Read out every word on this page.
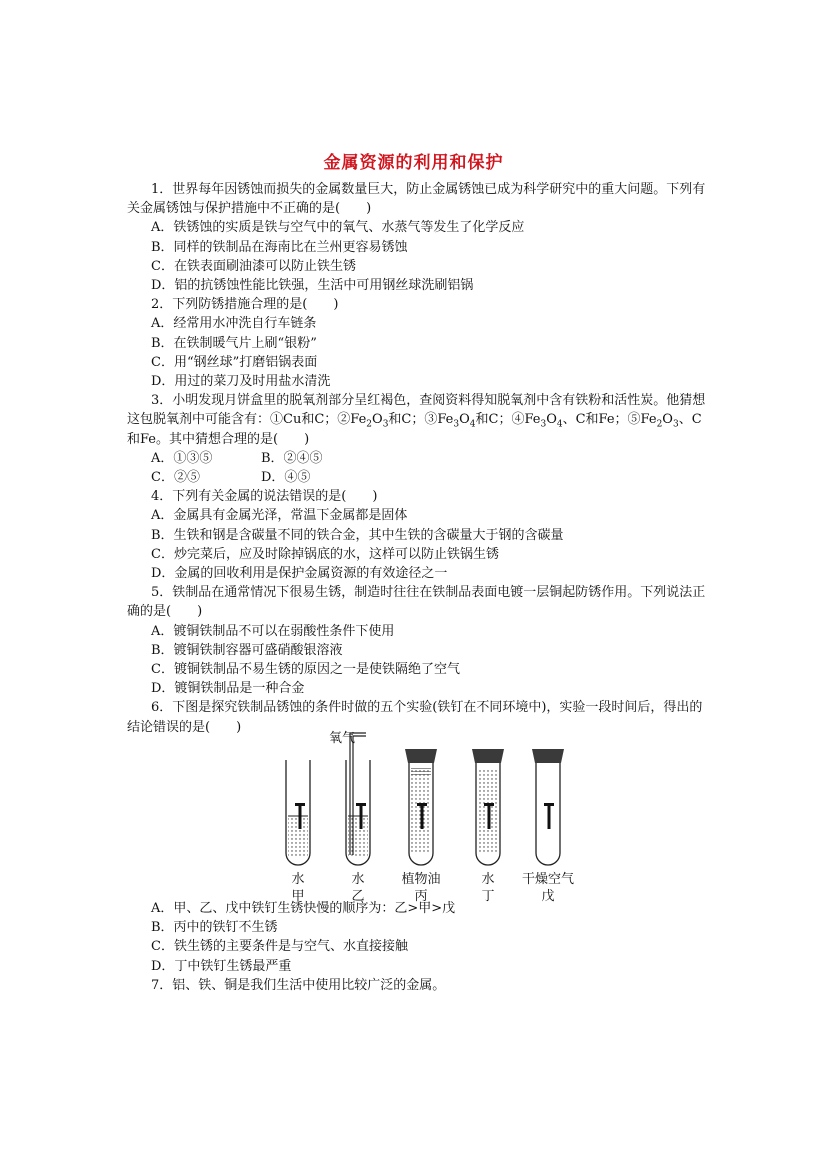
金属资源的利用和保护
1．世界每年因锈蚀而损失的金属数量巨大，防止金属锈蚀已成为科学研究中的重大问题。下列有关金属锈蚀与保护措施中不正确的是(　　)
A．铁锈蚀的实质是铁与空气中的氧气、水蒸气等发生了化学反应
B．同样的铁制品在海南比在兰州更容易锈蚀
C．在铁表面刷油漆可以防止铁生锈
D．铝的抗锈蚀性能比铁强，生活中可用钢丝球洗刷铝锅
2．下列防锈措施合理的是(　　)
A．经常用水冲洗自行车链条
B．在铁制暖气片上刷“银粉”
C．用“钢丝球”打磨铝锅表面
D．用过的菜刀及时用盐水清洗
3．小明发现月饼盒里的脱氧剂部分呈红褐色，查阅资料得知脱氧剂中含有铁粉和活性炭。他猜想这包脱氧剂中可能含有：①Cu和C；$②Fe_2O_3$和C；$③Fe_3O_4$和C；$④Fe_3O_4$、C和Fe；$⑤Fe_2O_3$、C和Fe。其中猜想合理的是(　　)
A．①③⑤	B．②④⑤
C．②⑤	D．④⑤
4．下列有关金属的说法错误的是(　　)
A．金属具有金属光泽，常温下金属都是固体
B．生铁和钢是含碳量不同的铁合金，其中生铁的含碳量大于钢的含碳量
C．炒完菜后，应及时除掉锅底的水，这样可以防止铁锅生锈
D．金属的回收利用是保护金属资源的有效途径之一
5．铁制品在通常情况下很易生锈，制造时往往在铁制品表面电镀一层铜起防锈作用。下列说法正确的是(　　)
A．镀铜铁制品不可以在弱酸性条件下使用
B．镀铜铁制容器可盛硝酸银溶液
C．镀铜铁制品不易生锈的原因之一是使铁隔绝了空气
D．镀铜铁制品是一种合金
6．下图是探究铁制品锈蚀的条件时做的五个实验(铁钉在不同环境中)，实验一段时间后，得出的结论错误的是(　　)
氧气
水
甲
水
乙
植物油
丙
水
丁
干燥空气
戊
A．甲、乙、戊中铁钉生锈快慢的顺序为：乙>甲>戊
B．丙中的铁钉不生锈
C．铁生锈的主要条件是与空气、水直接接触
D．丁中铁钉生锈最严重
7．铝、铁、铜是我们生活中使用比较广泛的金属。
